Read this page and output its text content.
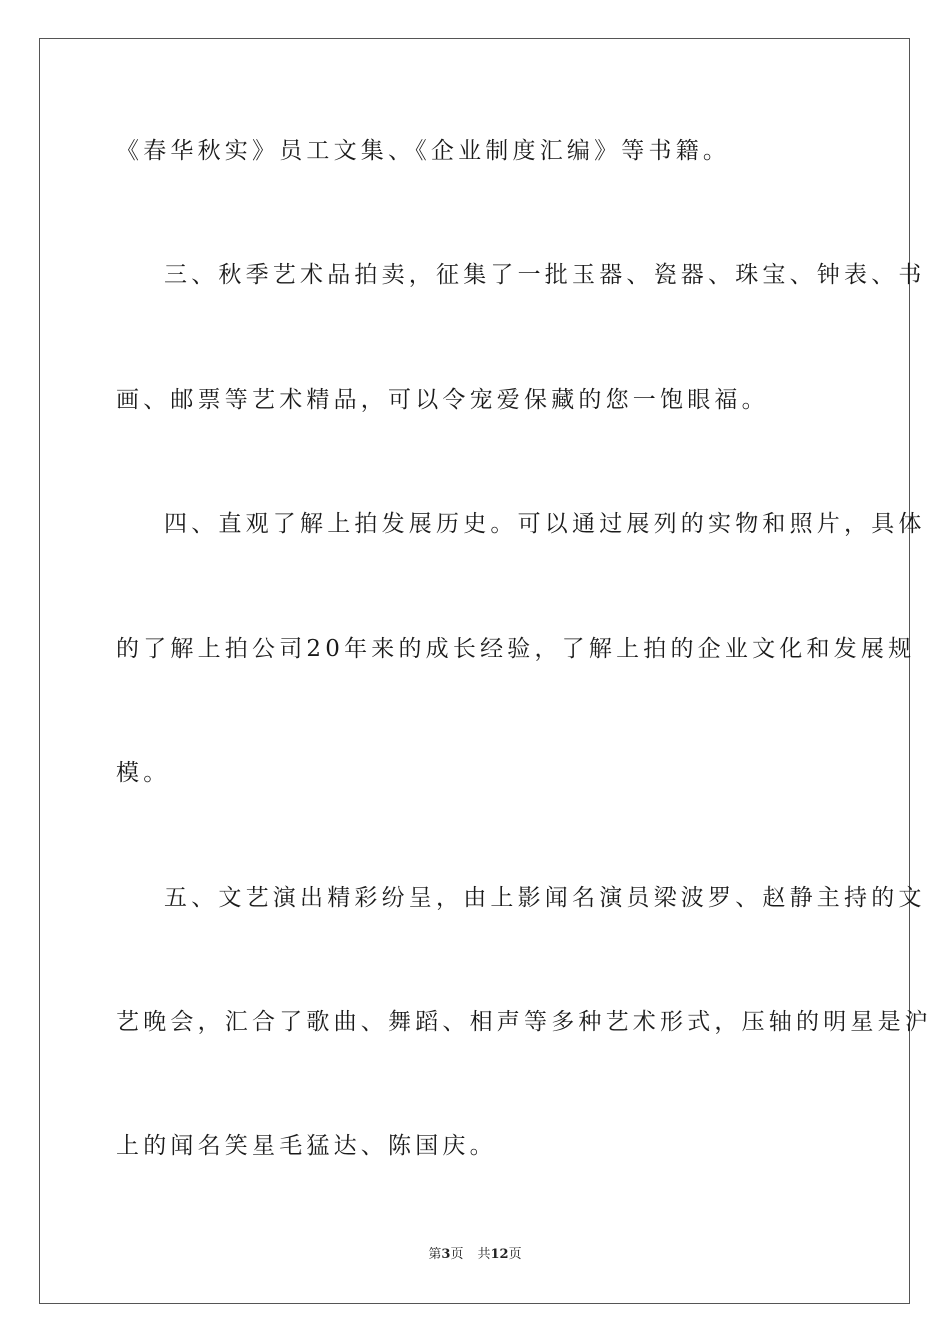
《春华秋实》员工文集、《企业制度汇编》等书籍。
三、秋季艺术品拍卖，征集了一批玉器、瓷器、珠宝、钟表、书
画、邮票等艺术精品，可以令宠爱保藏的您一饱眼福。
四、直观了解上拍发展历史。可以通过展列的实物和照片，具体
的了解上拍公司20年来的成长经验，了解上拍的企业文化和发展规
模。
五、文艺演出精彩纷呈，由上影闻名演员梁波罗、赵静主持的文
艺晚会，汇合了歌曲、舞蹈、相声等多种艺术形式，压轴的明星是沪
上的闻名笑星毛猛达、陈国庆。
第3页 共12页
